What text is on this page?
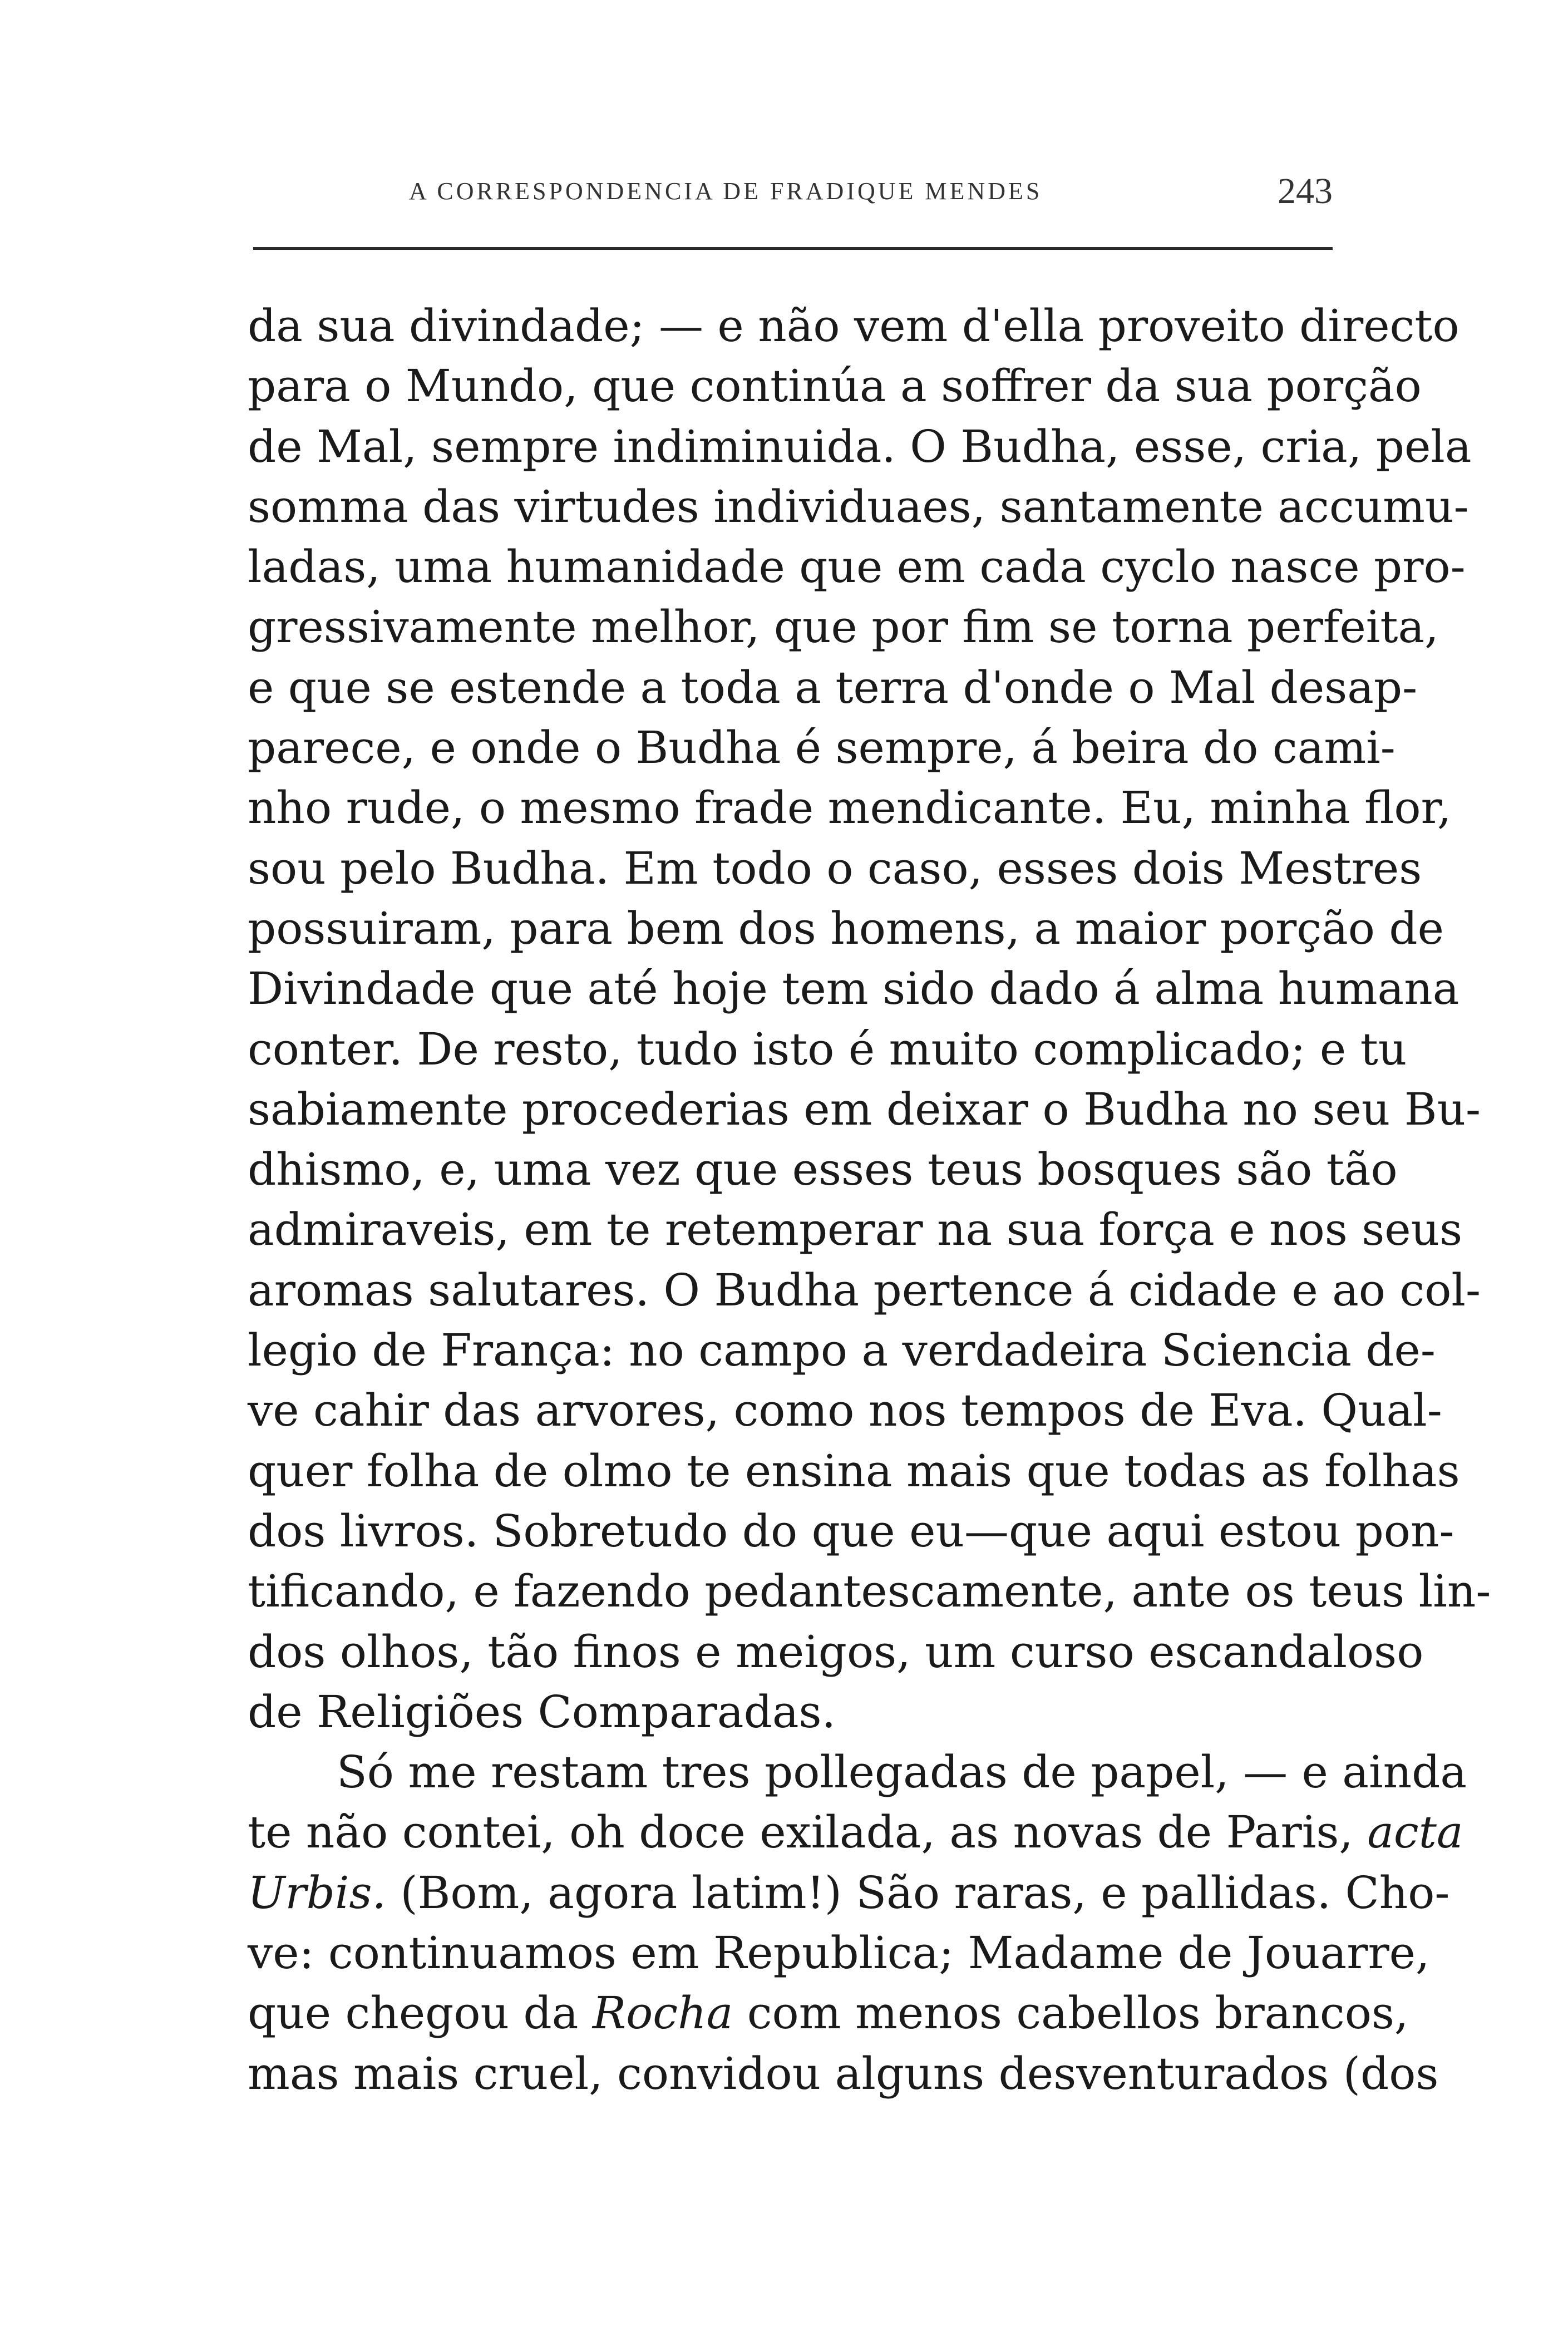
A CORRESPONDENCIA DE FRADIQUE MENDES	243
da sua divindade; — e não vem d'ella proveito directo
para o Mundo, que continúa a soffrer da sua porção
de Mal, sempre indiminuida. O Budha, esse, cria, pela
somma das virtudes individuaes, santamente accumu-
ladas, uma humanidade que em cada cyclo nasce pro-
gressivamente melhor, que por fim se torna perfeita,
e que se estende a toda a terra d'onde o Mal desap-
parece, e onde o Budha é sempre, á beira do cami-
nho rude, o mesmo frade mendicante. Eu, minha flor,
sou pelo Budha. Em todo o caso, esses dois Mestres
possuiram, para bem dos homens, a maior porção de
Divindade que até hoje tem sido dado á alma humana
conter. De resto, tudo isto é muito complicado; e tu
sabiamente procederias em deixar o Budha no seu Bu-
dhismo, e, uma vez que esses teus bosques são tão
admiraveis, em te retemperar na sua força e nos seus
aromas salutares. O Budha pertence á cidade e ao col-
legio de França: no campo a verdadeira Sciencia de-
ve cahir das arvores, como nos tempos de Eva. Qual-
quer folha de olmo te ensina mais que todas as folhas
dos livros. Sobretudo do que eu—que aqui estou pon-
tificando, e fazendo pedantescamente, ante os teus lin-
dos olhos, tão finos e meigos, um curso escandaloso
de Religiões Comparadas.
Só me restam tres pollegadas de papel, — e ainda
te não contei, oh doce exilada, as novas de Paris, acta
Urbis. (Bom, agora latim!) São raras, e pallidas. Cho-
ve: continuamos em Republica; Madame de Jouarre,
que chegou da Rocha com menos cabellos brancos,
mas mais cruel, convidou alguns desventurados (dos
